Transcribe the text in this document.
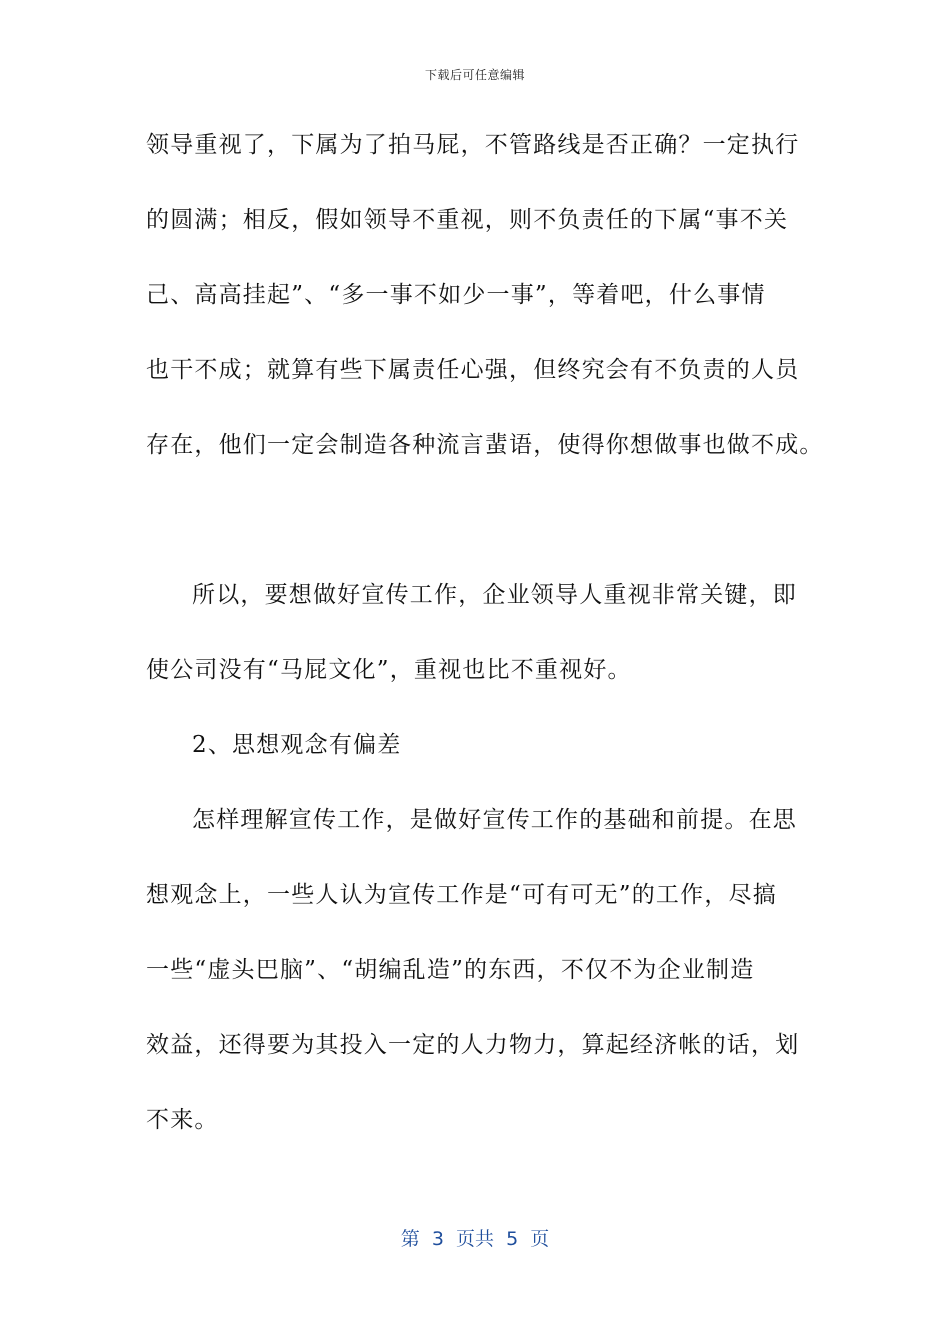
下载后可任意编辑
领导重视了，下属为了拍马屁，不管路线是否正确？一定执行
的圆满；相反，假如领导不重视，则不负责任的下属“事不关
己、高高挂起”、“多一事不如少一事”，等着吧，什么事情
也干不成；就算有些下属责任心强，但终究会有不负责的人员
存在，他们一定会制造各种流言蜚语，使得你想做事也做不成。
所以，要想做好宣传工作，企业领导人重视非常关键，即
使公司没有“马屁文化”，重视也比不重视好。
2、思想观念有偏差
怎样理解宣传工作，是做好宣传工作的基础和前提。在思
想观念上，一些人认为宣传工作是“可有可无”的工作，尽搞
一些“虚头巴脑”、“胡编乱造”的东西，不仅不为企业制造
效益，还得要为其投入一定的人力物力，算起经济帐的话，划
不来。
第  3  页共  5  页
